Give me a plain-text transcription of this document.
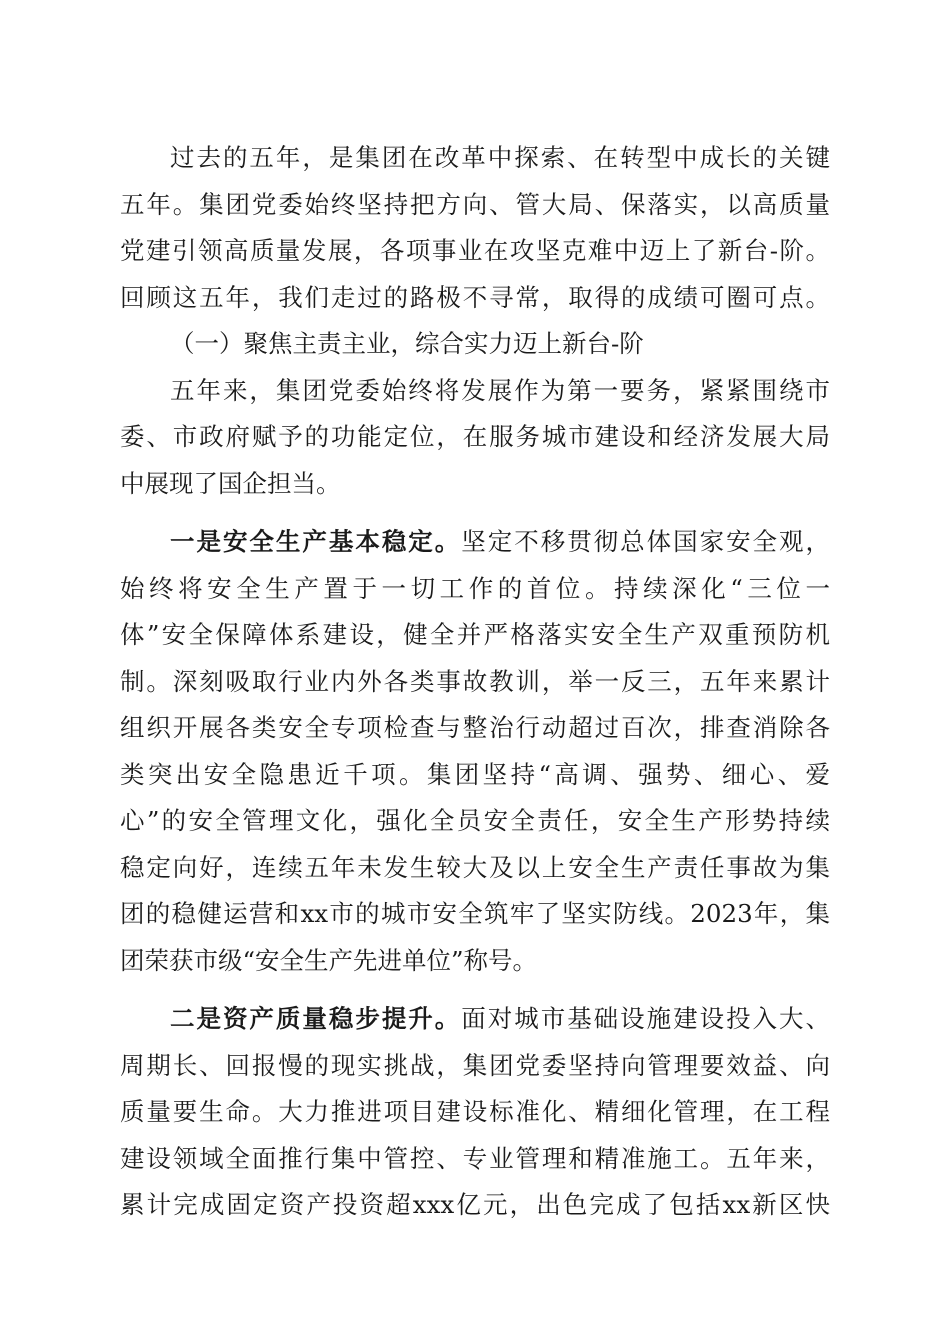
过去的五年，是集团在改革中探索、在转型中成长的关键
五年。集团党委始终坚持把方向、管大局、保落实，以高质量
党建引领高质量发展，各项事业在攻坚克难中迈上了新台-阶。
回顾这五年，我们走过的路极不寻常，取得的成绩可圈可点。
（一）聚焦主责主业，综合实力迈上新台-阶
五年来，集团党委始终将发展作为第一要务，紧紧围绕市
委、市政府赋予的功能定位，在服务城市建设和经济发展大局
中展现了国企担当。
一是安全生产基本稳定。坚定不移贯彻总体国家安全观，
始终将安全生产置于一切工作的首位。持续深化“三位一
体”安全保障体系建设，健全并严格落实安全生产双重预防机
制。深刻吸取行业内外各类事故教训，举一反三，五年来累计
组织开展各类安全专项检查与整治行动超过百次，排查消除各
类突出安全隐患近千项。集团坚持“高调、强势、细心、爱
心”的安全管理文化，强化全员安全责任，安全生产形势持续
稳定向好，连续五年未发生较大及以上安全生产责任事故为集
团的稳健运营和xx市的城市安全筑牢了坚实防线。2023年，集
团荣获市级“安全生产先进单位”称号。
二是资产质量稳步提升。面对城市基础设施建设投入大、
周期长、回报慢的现实挑战，集团党委坚持向管理要效益、向
质量要生命。大力推进项目建设标准化、精细化管理，在工程
建设领域全面推行集中管控、专业管理和精准施工。五年来，
累计完成固定资产投资超xxx亿元，出色完成了包括xx新区快
